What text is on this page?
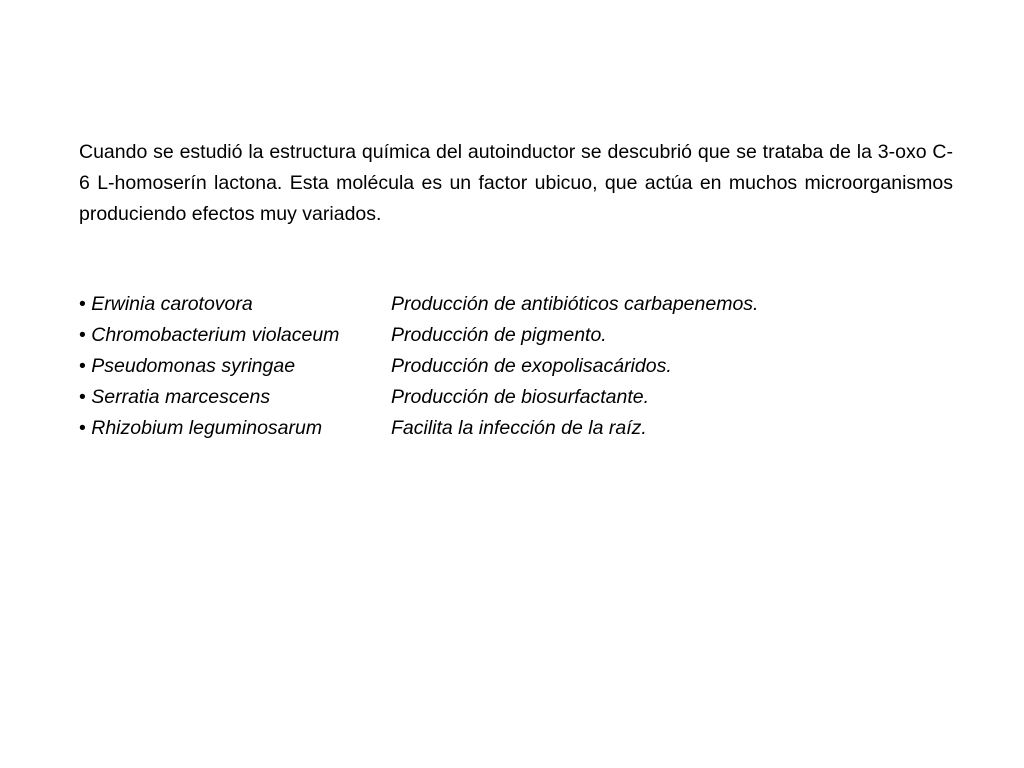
Cuando se estudió la estructura química del autoinductor se descubrió que se trataba de la 3-oxo C-6 L-homoserín lactona. Esta molécula es un factor ubicuo, que actúa en muchos microorganismos produciendo efectos muy variados.

• Erwinia carotovora	Producción de antibióticos carbapenemos.
• Chromobacterium violaceum	Producción de pigmento.
• Pseudomonas syringae	Producción de exopolisacáridos.
• Serratia marcescens	Producción de biosurfactante.
• Rhizobium leguminosarum	Facilita la infección de la raíz.
